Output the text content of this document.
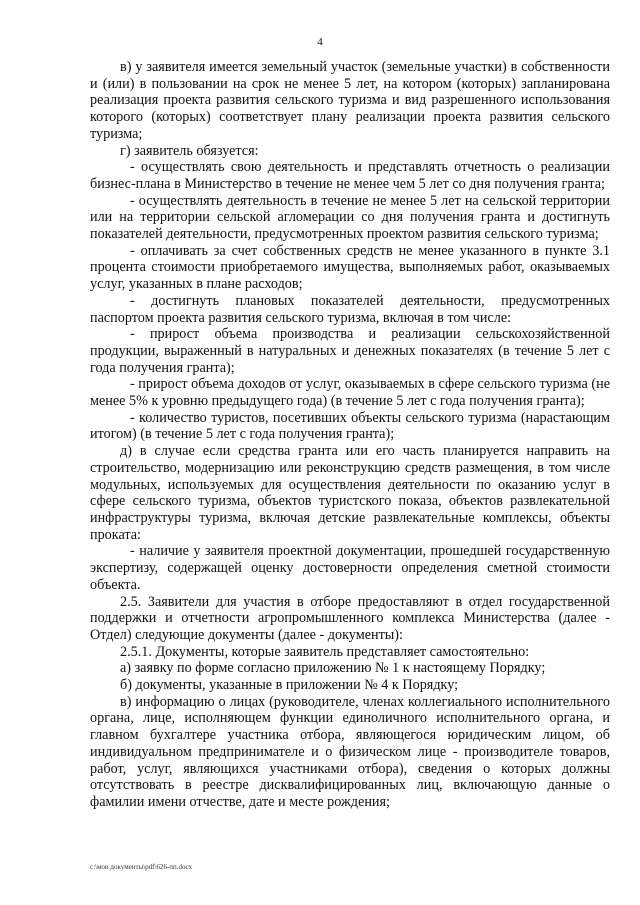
4

в) у заявителя имеется земельный участок (земельные участки) в собственности и (или) в пользовании на срок не менее 5 лет, на котором (которых) запланирована реализация проекта развития сельского туризма и вид разрешенного использования которого (которых) соответствует плану реализации проекта развития сельского туризма;

г) заявитель обязуется:

- осуществлять свою деятельность и представлять отчетность о реализации бизнес-плана в Министерство в течение не менее чем 5 лет со дня получения гранта;

- осуществлять деятельность в течение не менее 5 лет на сельской территории или на территории сельской агломерации со дня получения гранта и достигнуть показателей деятельности, предусмотренных проектом развития сельского туризма;

- оплачивать за счет собственных средств не менее указанного в пункте 3.1 процента стоимости приобретаемого имущества, выполняемых работ, оказываемых услуг, указанных в плане расходов;

- достигнуть плановых показателей деятельности, предусмотренных паспортом проекта развития сельского туризма, включая в том числе:

- прирост объема производства и реализации сельскохозяйственной продукции, выраженный в натуральных и денежных показателях (в течение 5 лет с года получения гранта);

- прирост объема доходов от услуг, оказываемых в сфере сельского туризма (не менее 5% к уровню предыдущего года) (в течение 5 лет с года получения гранта);

- количество туристов, посетивших объекты сельского туризма (нарастающим итогом) (в течение 5 лет с года получения гранта);

д) в случае если средства гранта или его часть планируется направить на строительство, модернизацию или реконструкцию средств размещения, в том числе модульных, используемых для осуществления деятельности по оказанию услуг в сфере сельского туризма, объектов туристского показа, объектов развлекательной инфраструктуры туризма, включая детские развлекательные комплексы, объекты проката:

- наличие у заявителя проектной документации, прошедшей государственную экспертизу, содержащей оценку достоверности определения сметной стоимости объекта.

2.5. Заявители для участия в отборе предоставляют в отдел государственной поддержки и отчетности агропромышленного комплекса Министерства (далее - Отдел) следующие документы (далее - документы):

2.5.1. Документы, которые заявитель представляет самостоятельно:

а) заявку по форме согласно приложению № 1 к настоящему Порядку;

б) документы, указанные в приложении № 4 к Порядку;

в) информацию о лицах (руководителе, членах коллегиального исполнительного органа, лице, исполняющем функции единоличного исполнительного органа, и главном бухгалтере участника отбора, являющегося юридическим лицом, об индивидуальном предпринимателе и о физическом лице - производителе товаров, работ, услуг, являющихся участниками отбора), сведения о которых должны отсутствовать в реестре дисквалифицированных лиц, включающую данные о фамилии имени отчестве, дате и месте рождения;

c:\мои документы\pdf\626-пп.docx
